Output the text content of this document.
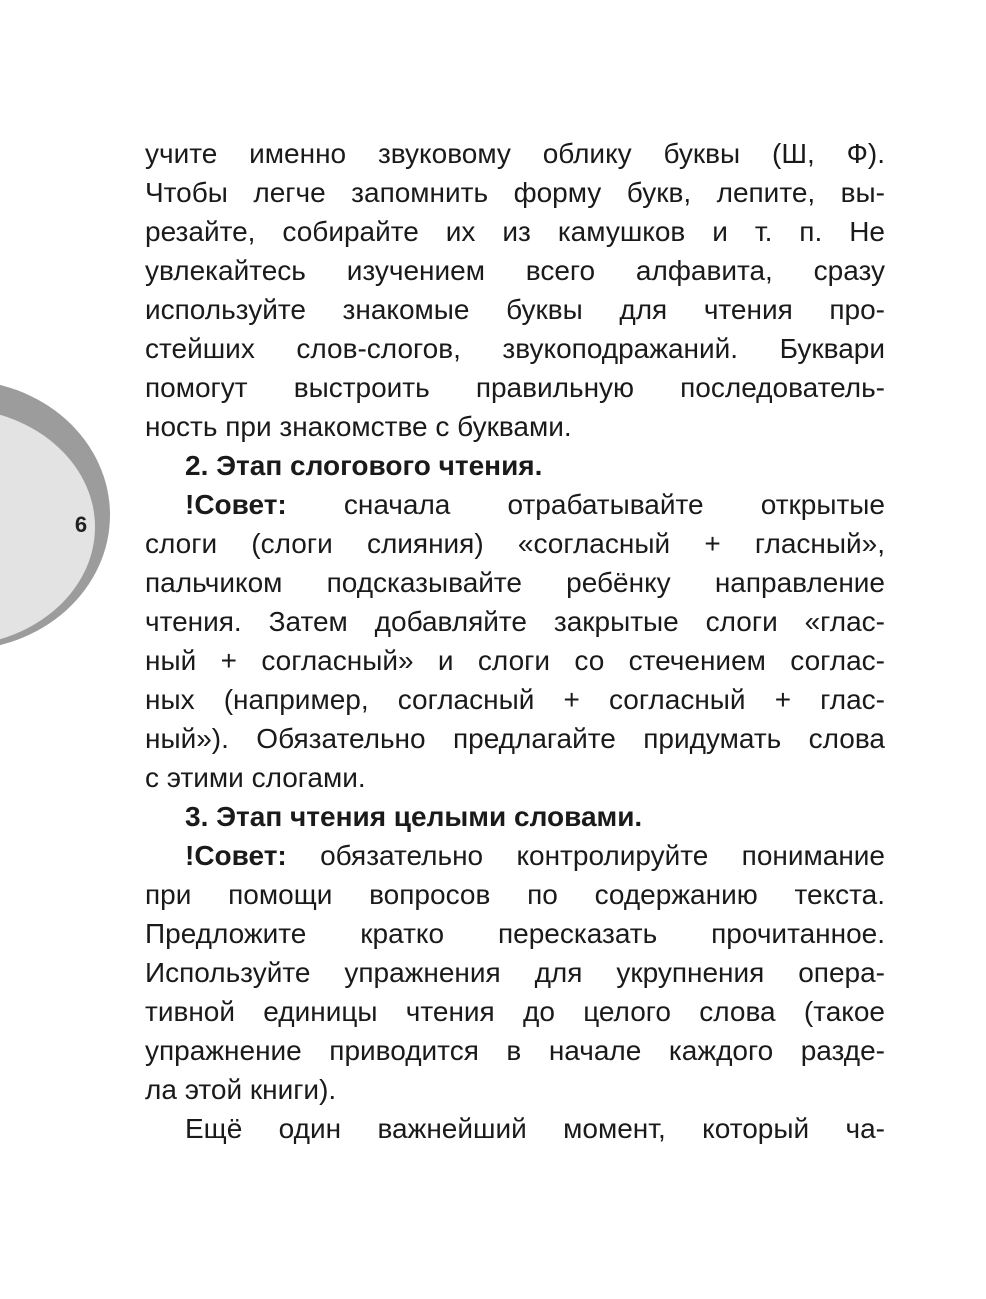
6
учите именно звуковому облику буквы (Ш, Ф).
Чтобы легче запомнить форму букв, лепите, вы-
резайте, собирайте их из камушков и т. п. Не
увлекайтесь изучением всего алфавита, сразу
используйте знакомые буквы для чтения про-
стейших слов-слогов, звукоподражаний. Буквари
помогут выстроить правильную последователь-
ность при знакомстве с буквами.
2. Этап слогового чтения.
!Совет: сначала отрабатывайте открытые
слоги (слоги слияния) «согласный + гласный»,
пальчиком подсказывайте ребёнку направление
чтения. Затем добавляйте закрытые слоги «глас-
ный + согласный» и слоги со стечением соглас-
ных (например, согласный + согласный + глас-
ный»). Обязательно предлагайте придумать слова
с этими слогами.
3. Этап чтения целыми словами.
!Совет: обязательно контролируйте понимание
при помощи вопросов по содержанию текста.
Предложите кратко пересказать прочитанное.
Используйте упражнения для укрупнения опера-
тивной единицы чтения до целого слова (такое
упражнение приводится в начале каждого разде-
ла этой книги).
Ещё один важнейший момент, который ча-
